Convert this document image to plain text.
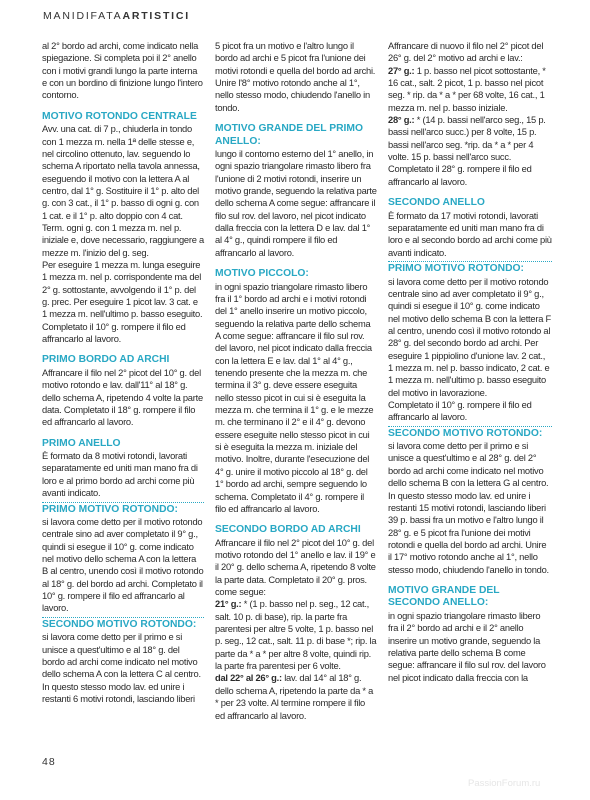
MANIDIFATAARTISTICI

al 2° bordo ad archi, come indicato nella spiegazione. Si completa poi il 2° anello con i motivi grandi lungo la parte interna e con un bordino di finizione lungo l'intero contorno.

MOTIVO ROTONDO CENTRALE

Avv. una cat. di 7 p., chiuderla in tondo con 1 mezza m. nella 1ª delle stesse e, nel circolino ottenuto, lav. seguendo lo schema A riportato nella tavola annessa, eseguendo il motivo con la lettera A al centro, dal 1° g. Sostituire il 1° p. alto del g. con 3 cat., il 1° p. basso di ogni g. con 1 cat. e il 1° p. alto doppio con 4 cat. Term. ogni g. con 1 mezza m. nel p. iniziale e, dove necessario, raggiungere a mezze m. l'inizio del g. seg.

Per eseguire 1 mezza m. lunga eseguire 1 mezza m. nel p. corrispondente ma del 2° g. sottostante, avvolgendo il 1° p. del g. prec. Per eseguire 1 picot lav. 3 cat. e 1 mezza m. nell'ultimo p. basso eseguito.

Completato il 10° g. rompere il filo ed affrancarlo al lavoro.

PRIMO BORDO AD ARCHI

Affrancare il filo nel 2° picot del 10° g. del motivo rotondo e lav. dall'11° al 18° g. dello schema A, ripetendo 4 volte la parte data. Completato il 18° g. rompere il filo ed affrancarlo al lavoro.

PRIMO ANELLO

È formato da 8 motivi rotondi, lavorati separatamente ed uniti man mano fra di loro e al primo bordo ad archi come più avanti indicato.

PRIMO MOTIVO ROTONDO:

si lavora come detto per il motivo rotondo centrale sino ad aver completato il 9° g., quindi si esegue il 10° g. come indicato nel motivo dello schema A con la lettera B al centro, unendo così il motivo rotondo al 18° g. del bordo ad archi. Completato il 10° g. rompere il filo ed affrancarlo al lavoro.

SECONDO MOTIVO ROTONDO:

si lavora come detto per il primo e si unisce a quest'ultimo e al 18° g. del bordo ad archi come indicato nel motivo dello schema A con la lettera C al centro.

In questo stesso modo lav. ed unire i restanti 6 motivi rotondi, lasciando liberi

5 picot fra un motivo e l'altro lungo il bordo ad archi e 5 picot fra l'unione dei motivi rotondi e quella del bordo ad archi. Unire l'8° motivo rotondo anche al 1°, nello stesso modo, chiudendo l'anello in tondo.

MOTIVO GRANDE DEL PRIMO ANELLO:

lungo il contorno esterno del 1° anello, in ogni spazio triangolare rimasto libero fra l'unione di 2 motivi rotondi, inserire un motivo grande, seguendo la relativa parte dello schema A come segue: affrancare il filo sul rov. del lavoro, nel picot indicato dalla freccia con la lettera D e lav. dal 1° al 4° g., quindi rompere il filo ed affrancarlo al lavoro.

MOTIVO PICCOLO:

in ogni spazio triangolare rimasto libero fra il 1° bordo ad archi e i motivi rotondi del 1° anello inserire un motivo piccolo, seguendo la relativa parte dello schema A come segue: affrancare il filo sul rov. del lavoro, nel picot indicato dalla freccia con la lettera E e lav. dal 1° al 4° g., tenendo presente che la mezza m. che termina il 3° g. deve essere eseguita nello stesso picot in cui si è eseguita la mezza m. che termina il 1° g. e le mezze m. che terminano il 2° e il 4° g. devono essere eseguite nello stesso picot in cui si è eseguita la mezza m. iniziale del motivo. Inoltre, durante l'esecuzione del 4° g. unire il motivo piccolo al 18° g. del 1° bordo ad archi, sempre seguendo lo schema. Completato il 4° g. rompere il filo ed affrancarlo al lavoro.

SECONDO BORDO AD ARCHI

Affrancare il filo nel 2° picot del 10° g. del motivo rotondo del 1° anello e lav. il 19° e il 20° g. dello schema A, ripetendo 8 volte la parte data. Completato il 20° g. pros. come segue:

21° g.: * (1 p. basso nel p. seg., 12 cat., salt. 10 p. di base), rip. la parte fra parentesi per altre 5 volte, 1 p. basso nel p. seg., 12 cat., salt. 11 p. di base *; rip. la parte da * a * per altre 8 volte, quindi rip. la parte fra parentesi per 6 volte.

dal 22° al 26° g.: lav. dal 14° al 18° g. dello schema A, ripetendo la parte da * a * per 23 volte. Al termine rompere il filo ed affrancarlo al lavoro.

Affrancare di nuovo il filo nel 2° picot del 26° g. del 2° motivo ad archi e lav.:

27° g.: 1 p. basso nel picot sottostante, * 16 cat., salt. 2 picot, 1 p. basso nel picot seg. * rip. da * a * per 68 volte, 16 cat., 1 mezza m. nel p. basso iniziale.

28° g.: * (14 p. bassi nell'arco seg., 15 p. bassi nell'arco succ.) per 8 volte, 15 p. bassi nell'arco seg. *rip. da * a * per 4 volte. 15 p. bassi nell'arco succ.

Completato il 28° g. rompere il filo ed affrancarlo al lavoro.

SECONDO ANELLO

È formato da 17 motivi rotondi, lavorati separatamente ed uniti man mano fra di loro e al secondo bordo ad archi come più avanti indicato.

PRIMO MOTIVO ROTONDO:

si lavora come detto per il motivo rotondo centrale sino ad aver completato il 9° g., quindi si esegue il 10° g. come indicato nel motivo dello schema B con la lettera F al centro, unendo così il motivo rotondo al 28° g. del secondo bordo ad archi. Per eseguire 1 pippiolino d'unione lav. 2 cat., 1 mezza m. nel p. basso indicato, 2 cat. e 1 mezza m. nell'ultimo p. basso eseguito del motivo in lavorazione.

Completato il 10° g. rompere il filo ed affrancarlo al lavoro.

SECONDO MOTIVO ROTONDO:

si lavora come detto per il primo e si unisce a quest'ultimo e al 28° g. del 2° bordo ad archi come indicato nel motivo dello schema B con la lettera G al centro.

In questo stesso modo lav. ed unire i restanti 15 motivi rotondi, lasciando liberi 39 p. bassi fra un motivo e l'altro lungo il 28° g. e 5 picot fra l'unione dei motivi rotondi e quella del bordo ad archi. Unire il 17° motivo rotondo anche al 1°, nello stesso modo, chiudendo l'anello in tondo.

MOTIVO GRANDE DEL SECONDO ANELLO:

in ogni spazio triangolare rimasto libero fra il 2° bordo ad archi e il 2° anello inserire un motivo grande, seguendo la relativa parte dello schema B come segue: affrancare il filo sul rov. del lavoro nel picot indicato dalla freccia con la

48
PassionForum.ru
